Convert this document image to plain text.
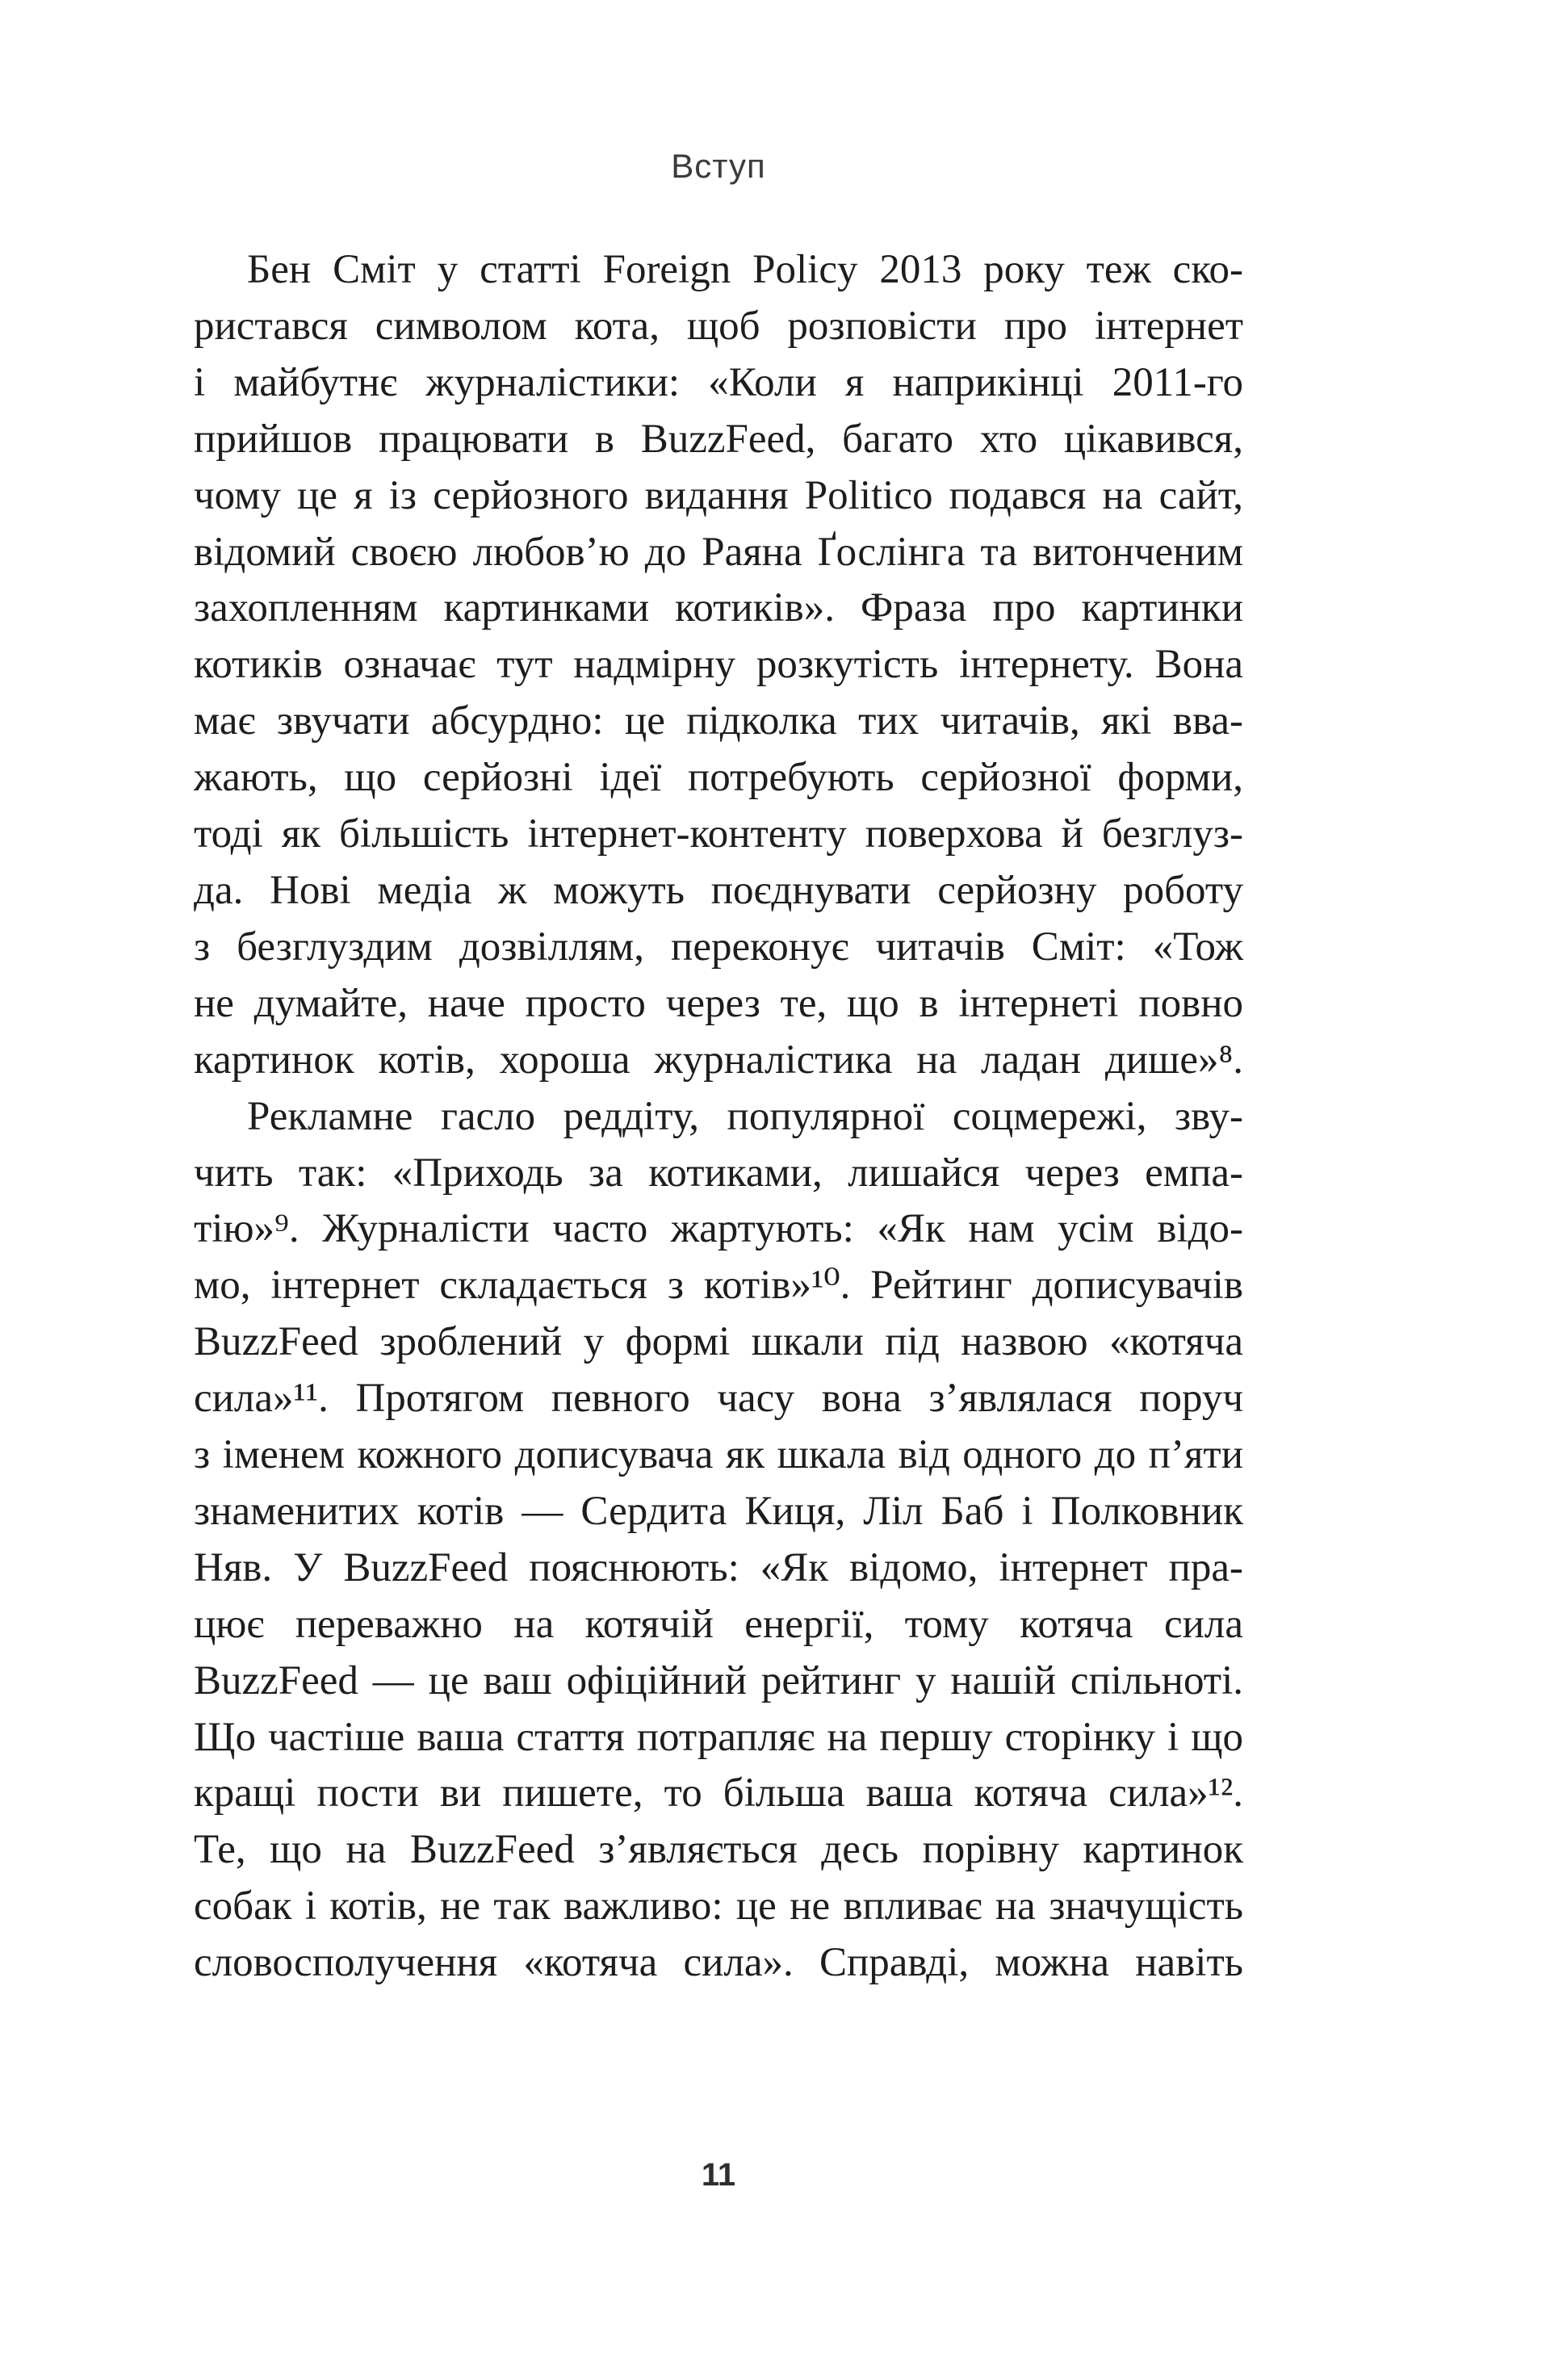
Вступ
Бен Сміт у статті Foreign Policy 2013 року теж ско-
ристався символом кота, щоб розповісти про інтернет
і майбутнє журналістики: «Коли я наприкінці 2011-го
прийшов працювати в BuzzFeed, багато хто цікавився,
чому це я із серйозного видання Politico подався на сайт,
відомий своєю любов’ю до Раяна Ґослінга та витонченим
захопленням картинками котиків». Фраза про картинки
котиків означає тут надмірну розкутість інтернету. Вона
має звучати абсурдно: це підколка тих читачів, які вва-
жають, що серйозні ідеї потребують серйозної форми,
тоді як більшість інтернет-контенту поверхова й безглуз-
да. Нові медіа ж можуть поєднувати серйозну роботу
з безглуздим дозвіллям, переконує читачів Сміт: «Тож
не думайте, наче просто через те, що в інтернеті повно
картинок котів, хороша журналістика на ладан дише»⁸.
Рекламне гасло реддіту, популярної соцмережі, зву-
чить так: «Приходь за котиками, лишайся через емпа-
тію»⁹. Журналісти часто жартують: «Як нам усім відо-
мо, інтернет складається з котів»¹⁰. Рейтинг дописувачів
BuzzFeed зроблений у формі шкали під назвою «котяча
сила»¹¹. Протягом певного часу вона з’являлася поруч
з іменем кожного дописувача як шкала від одного до п’яти
знаменитих котів — Сердита Киця, Ліл Баб і Полковник
Няв. У BuzzFeed пояснюють: «Як відомо, інтернет пра-
цює переважно на котячій енергії, тому котяча сила
BuzzFeed — це ваш офіційний рейтинг у нашій спільноті.
Що частіше ваша стаття потрапляє на першу сторінку і що
кращі пости ви пишете, то більша ваша котяча сила»¹².
Те, що на BuzzFeed з’являється десь порівну картинок
собак і котів, не так важливо: це не впливає на значущість
словосполучення «котяча сила». Справді, можна навіть
11
